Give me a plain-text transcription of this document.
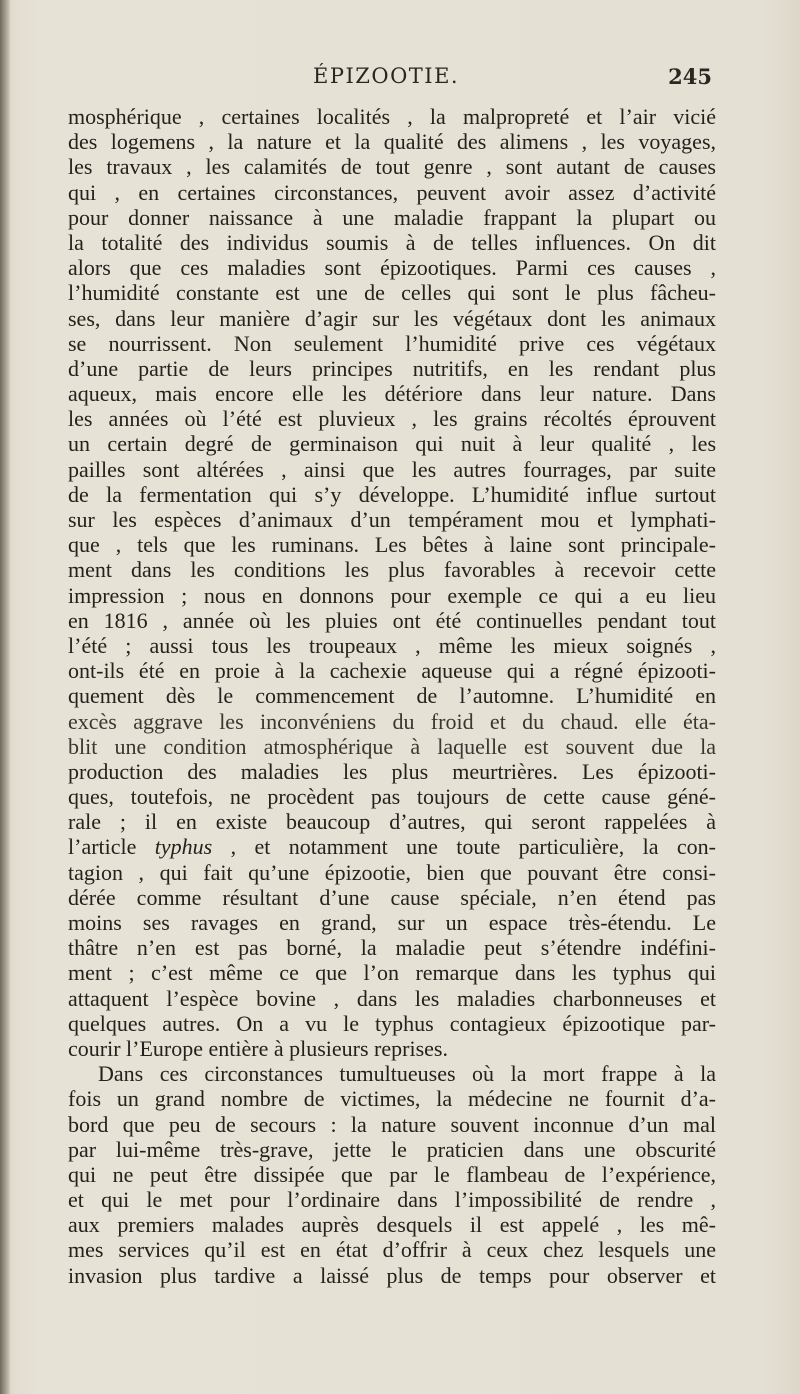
ÉPIZOOTIE.	245
mosphérique , certaines localités , la malpropreté et l’air vicié
des logemens , la nature et la qualité des alimens , les voyages,
les travaux , les calamités de tout genre , sont autant de causes
qui , en certaines circonstances, peuvent avoir assez d’activité
pour donner naissance à une maladie frappant la plupart ou
la totalité des individus soumis à de telles influences. On dit
alors que ces maladies sont épizootiques. Parmi ces causes ,
l’humidité constante est une de celles qui sont le plus fâcheu-
ses, dans leur manière d’agir sur les végétaux dont les animaux
se nourrissent. Non seulement l’humidité prive ces végétaux
d’une partie de leurs principes nutritifs, en les rendant plus
aqueux, mais encore elle les détériore dans leur nature. Dans
les années où l’été est pluvieux , les grains récoltés éprouvent
un certain degré de germinaison qui nuit à leur qualité , les
pailles sont altérées , ainsi que les autres fourrages, par suite
de la fermentation qui s’y développe. L’humidité influe surtout
sur les espèces d’animaux d’un tempérament mou et lymphati-
que , tels que les ruminans. Les bêtes à laine sont principale-
ment dans les conditions les plus favorables à recevoir cette
impression ; nous en donnons pour exemple ce qui a eu lieu
en 1816 , année où les pluies ont été continuelles pendant tout
l’été ; aussi tous les troupeaux , même les mieux soignés ,
ont-ils été en proie à la cachexie aqueuse qui a régné épizooti-
quement dès le commencement de l’automne. L’humidité en
excès aggrave les inconvéniens du froid et du chaud. elle éta-
blit une condition atmosphérique à laquelle est souvent due la
production des maladies les plus meurtrières. Les épizooti-
ques, toutefois, ne procèdent pas toujours de cette cause géné-
rale ; il en existe beaucoup d’autres, qui seront rappelées à
l’article typhus , et notamment une toute particulière, la con-
tagion , qui fait qu’une épizootie, bien que pouvant être consi-
dérée comme résultant d’une cause spéciale, n’en étend pas
moins ses ravages en grand, sur un espace très-étendu. Le
thâtre n’en est pas borné, la maladie peut s’étendre indéfini-
ment ; c’est même ce que l’on remarque dans les typhus qui
attaquent l’espèce bovine , dans les maladies charbonneuses et
quelques autres. On a vu le typhus contagieux épizootique par-
courir l’Europe entière à plusieurs reprises.
Dans ces circonstances tumultueuses où la mort frappe à la
fois un grand nombre de victimes, la médecine ne fournit d’a-
bord que peu de secours : la nature souvent inconnue d’un mal
par lui-même très-grave, jette le praticien dans une obscurité
qui ne peut être dissipée que par le flambeau de l’expérience,
et qui le met pour l’ordinaire dans l’impossibilité de rendre ,
aux premiers malades auprès desquels il est appelé , les mê-
mes services qu’il est en état d’offrir à ceux chez lesquels une
invasion plus tardive a laissé plus de temps pour observer et
